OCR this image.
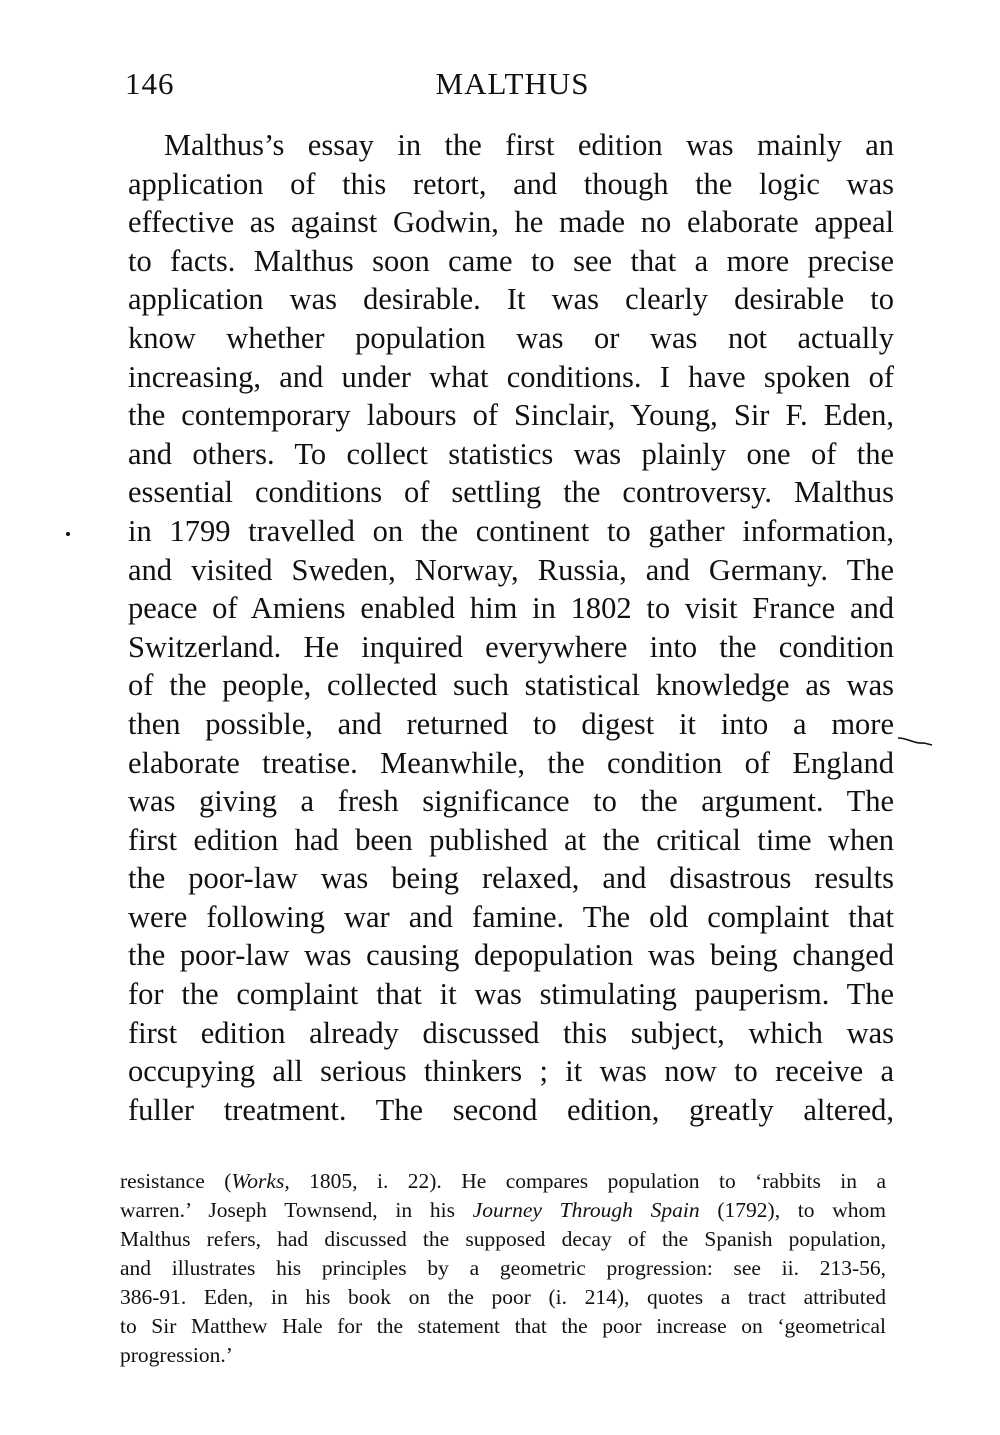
146	MALTHUS
Malthus’s essay in the first edition was mainly an
application of this retort, and though the logic was
effective as against Godwin, he made no elaborate appeal
to facts. Malthus soon came to see that a more precise
application was desirable. It was clearly desirable to
know whether population was or was not actually
increasing, and under what conditions. I have spoken of
the contemporary labours of Sinclair, Young, Sir F. Eden,
and others. To collect statistics was plainly one of the
essential conditions of settling the controversy. Malthus
in 1799 travelled on the continent to gather information,
and visited Sweden, Norway, Russia, and Germany. The
peace of Amiens enabled him in 1802 to visit France and
Switzerland. He inquired everywhere into the condition
of the people, collected such statistical knowledge as was
then possible, and returned to digest it into a more
elaborate treatise. Meanwhile, the condition of England
was giving a fresh significance to the argument. The
first edition had been published at the critical time when
the poor-law was being relaxed, and disastrous results
were following war and famine. The old complaint that
the poor-law was causing depopulation was being changed
for the complaint that it was stimulating pauperism. The
first edition already discussed this subject, which was
occupying all serious thinkers ; it was now to receive a
fuller treatment. The second edition, greatly altered,
resistance (Works, 1805, i. 22). He compares population to ‘rabbits in a
warren.’ Joseph Townsend, in his Journey Through Spain (1792), to whom
Malthus refers, had discussed the supposed decay of the Spanish population,
and illustrates his principles by a geometric progression: see ii. 213-56,
386-91. Eden, in his book on the poor (i. 214), quotes a tract attributed
to Sir Matthew Hale for the statement that the poor increase on ‘geometrical
progression.’
